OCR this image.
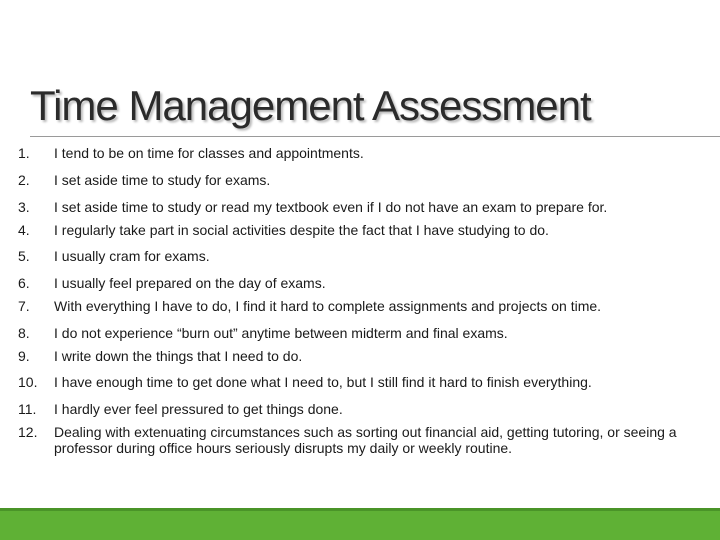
Time Management Assessment
1.	I tend to be on time for classes and appointments.
2.	I set aside time to study for exams.
3.	I set aside time to study or read my textbook even if I do not have an exam to prepare for.
4.	I regularly take part in social activities despite the fact that I have studying to do.
5.	I usually cram for exams.
6.	I usually feel prepared on the day of exams.
7.	With everything I have to do, I find it hard to complete assignments and projects on time.
8.	I do not experience “burn out” anytime between midterm and final exams.
9.	I write down the things that I need to do.
10.	I have enough time to get done what I need to, but I still find it hard to finish everything.
11.	I hardly ever feel pressured to get things done.
12.	Dealing with extenuating circumstances such as sorting out financial aid, getting tutoring, or seeing a professor during office hours seriously disrupts my daily or weekly routine.
